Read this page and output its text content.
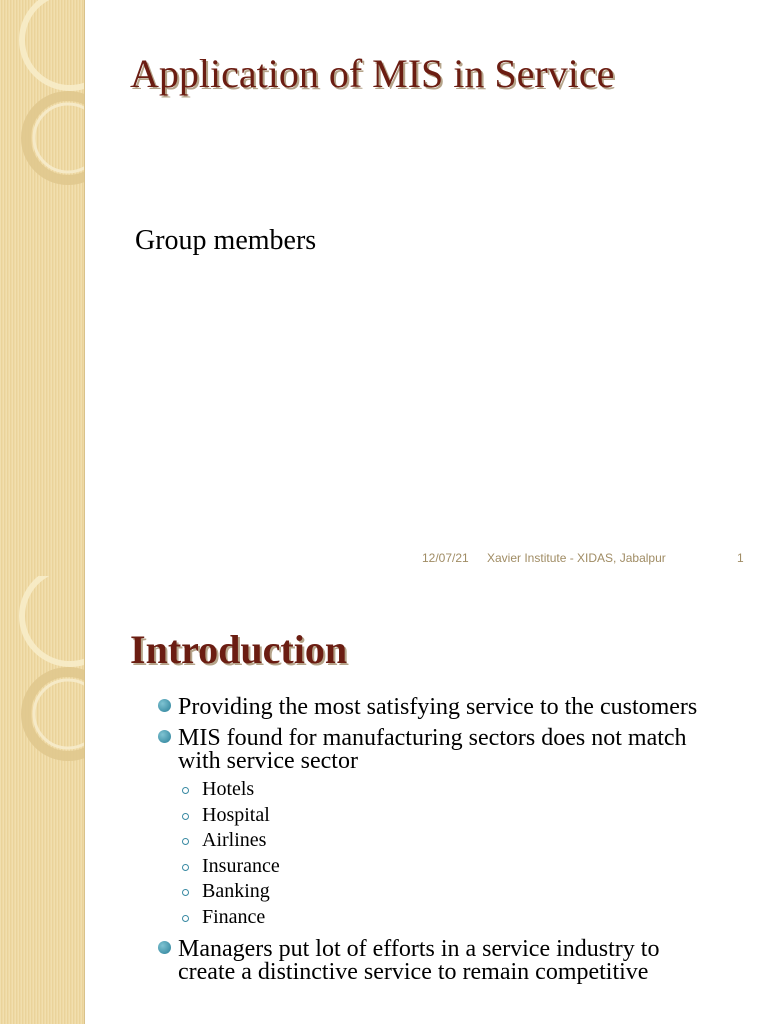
Application of MIS in Service

Group members

12/07/21 Xavier Institute - XIDAS, Jabalpur	1
Introduction
Providing the most satisfying service to the customers
MIS found for manufacturing sectors does not match with service sector
Hotels
Hospital
Airlines
Insurance
Banking
Finance
Managers put lot of efforts in a service industry to create a distinctive service to remain competitive
